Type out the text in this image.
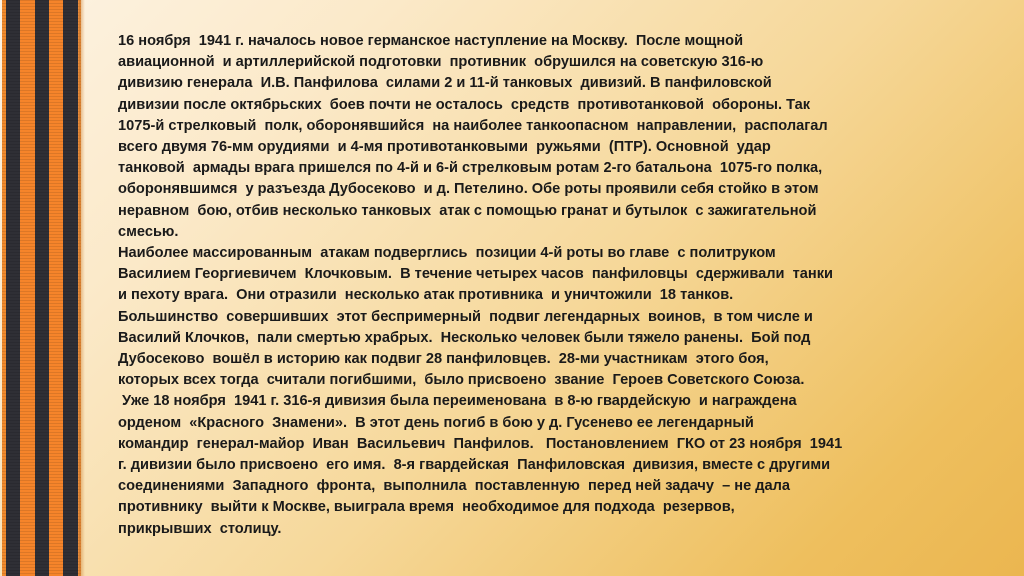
16 ноября  1941 г. началось новое германское наступление на Москву.  После мощной
авиационной  и артиллерийской подготовки  противник  обрушился на советскую 316-ю
дивизию генерала  И.В. Панфилова  силами 2 и 11-й танковых  дивизий. В панфиловской
дивизии после октябрьских  боев почти не осталось  средств  противотанковой  обороны. Так
1075-й стрелковый  полк, оборонявшийся  на наиболее танкоопасном  направлении,  располагал
всего двумя 76-мм орудиями  и 4-мя противотанковыми  ружьями  (ПТР). Основной  удар
танковой  армады врага пришелся по 4-й и 6-й стрелковым ротам 2-го батальона  1075-го полка,
оборонявшимся  у разъезда Дубосеково  и д. Петелино. Обе роты проявили себя стойко в этом
неравном  бою, отбив несколько танковых  атак с помощью гранат и бутылок  с зажигательной
смесью.
Наиболее массированным  атакам подверглись  позиции 4-й роты во главе  с политруком
Василием Георгиевичем  Клочковым.  В течение четырех часов  панфиловцы  сдерживали  танки
и пехоту врага.  Они отразили  несколько атак противника  и уничтожили  18 танков.
Большинство  совершивших  этот беспримерный  подвиг легендарных  воинов,  в том числе и
Василий Клочков,  пали смертью храбрых.  Несколько человек были тяжело ранены.  Бой под
Дубосеково  вошёл в историю как подвиг 28 панфиловцев.  28-ми участникам  этого боя,
которых всех тогда  считали погибшими,  было присвоено  звание  Героев Советского Союза.
Уже 18 ноября  1941 г. 316-я дивизия была переименована  в 8-ю гвардейскую  и награждена
орденом  «Красного  Знамени».  В этот день погиб в бою у д. Гусенево ее легендарный
командир  генерал-майор  Иван  Васильевич  Панфилов.   Постановлением  ГКО от 23 ноября  1941
г. дивизии было присвоено  его имя.  8-я гвардейская  Панфиловская  дивизия, вместе с другими
соединениями  Западного  фронта,  выполнила  поставленную  перед ней задачу  – не дала
противнику  выйти к Москве, выиграла время  необходимое для подхода  резервов,
прикрывших  столицу.
